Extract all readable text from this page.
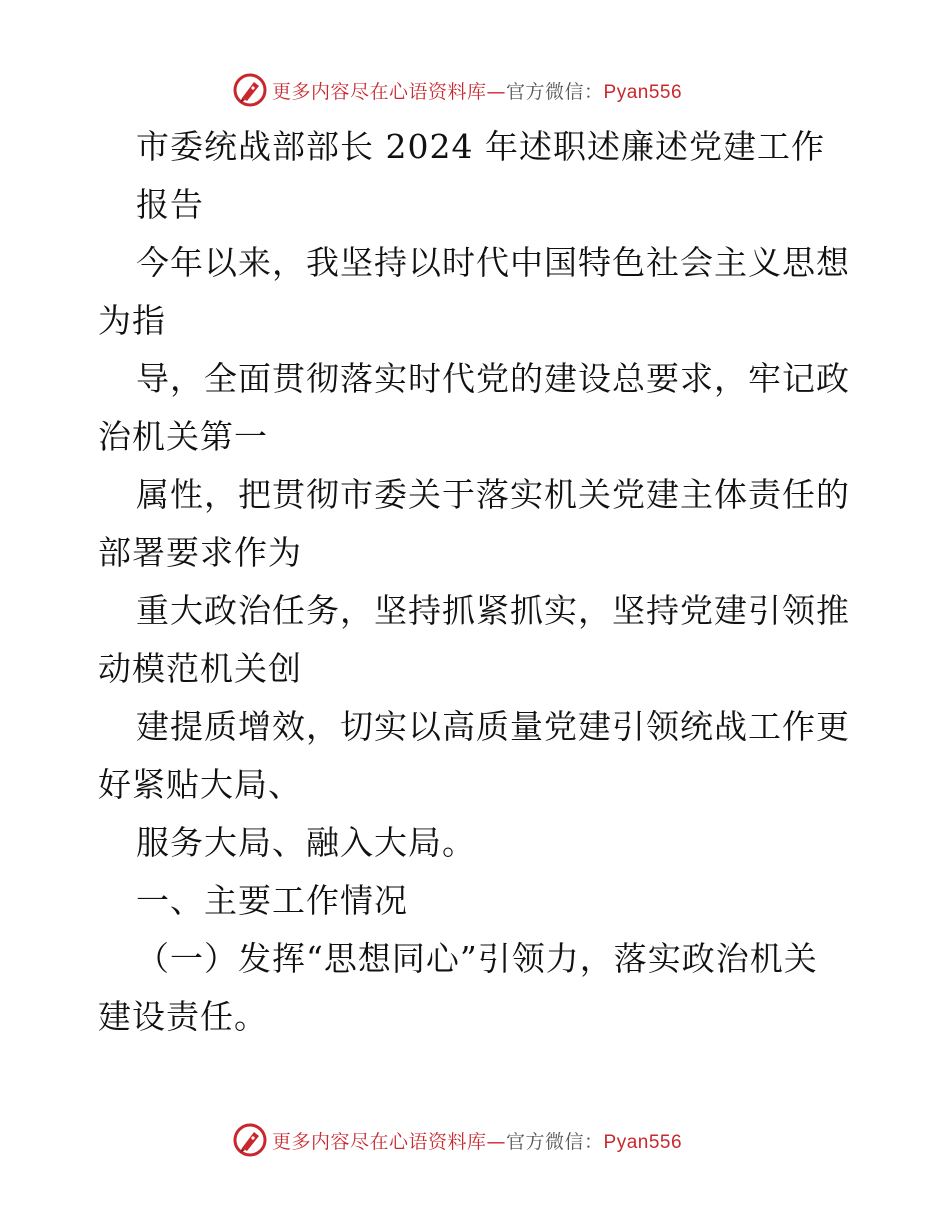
更多内容尽在心语资料库—官方微信：Pyan556
市委统战部部长 2024 年述职述廉述党建工作
报告
今年以来，我坚持以时代中国特色社会主义思想
为指
导，全面贯彻落实时代党的建设总要求，牢记政
治机关第一
属性，把贯彻市委关于落实机关党建主体责任的
部署要求作为
重大政治任务，坚持抓紧抓实，坚持党建引领推
动模范机关创
建提质增效，切实以高质量党建引领统战工作更
好紧贴大局、
服务大局、融入大局。
一、主要工作情况
（一）发挥“思想同心”引领力，落实政治机关
建设责任。
更多内容尽在心语资料库—官方微信：Pyan556
